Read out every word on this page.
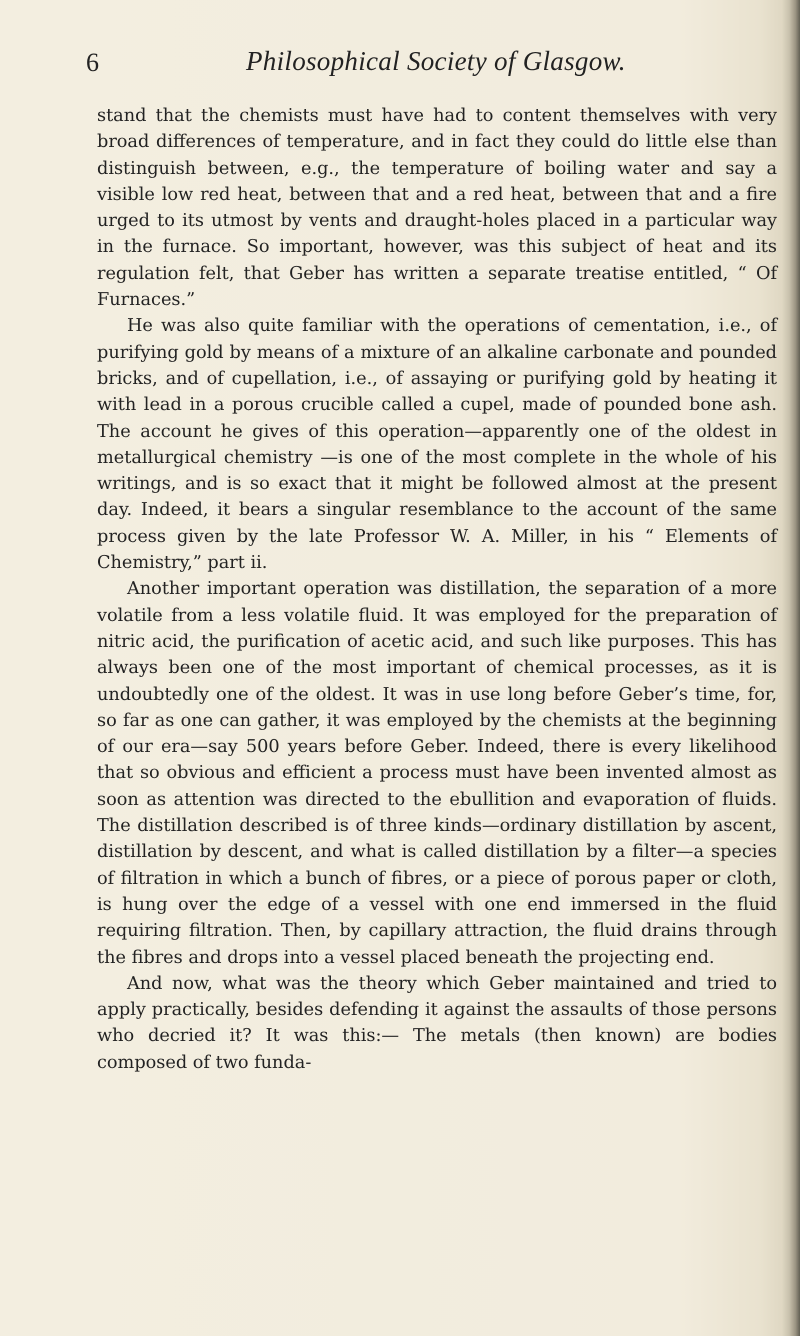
6	Philosophical Society of Glasgow.

stand that the chemists must have had to content themselves with very broad differences of temperature, and in fact they could do little else than distinguish between, e.g., the temperature of boiling water and say a visible low red heat, between that and a red heat, between that and a fire urged to its utmost by vents and draught-holes placed in a particular way in the furnace. So important, however, was this subject of heat and its regulation felt, that Geber has written a separate treatise entitled, “ Of Furnaces.”

He was also quite familiar with the operations of cementation, i.e., of purifying gold by means of a mixture of an alkaline carbonate and pounded bricks, and of cupellation, i.e., of assaying or purifying gold by heating it with lead in a porous crucible called a cupel, made of pounded bone ash. The account he gives of this operation—apparently one of the oldest in metallurgical chemistry —is one of the most complete in the whole of his writings, and is so exact that it might be followed almost at the present day. Indeed, it bears a singular resemblance to the account of the same process given by the late Professor W. A. Miller, in his “ Elements of Chemistry,” part ii.

Another important operation was distillation, the separation of a more volatile from a less volatile fluid. It was employed for the preparation of nitric acid, the purification of acetic acid, and such like purposes. This has always been one of the most important of chemical processes, as it is undoubtedly one of the oldest. It was in use long before Geber’s time, for, so far as one can gather, it was employed by the chemists at the beginning of our era—say 500 years before Geber. Indeed, there is every likelihood that so obvious and efficient a process must have been invented almost as soon as attention was directed to the ebullition and evaporation of fluids. The distillation described is of three kinds—ordinary distillation by ascent, distillation by descent, and what is called distillation by a filter—a species of filtration in which a bunch of fibres, or a piece of porous paper or cloth, is hung over the edge of a vessel with one end immersed in the fluid requiring filtration. Then, by capillary attraction, the fluid drains through the fibres and drops into a vessel placed beneath the projecting end.

And now, what was the theory which Geber maintained and tried to apply practically, besides defending it against the assaults of those persons who decried it? It was this:— The metals (then known) are bodies composed of two funda-
